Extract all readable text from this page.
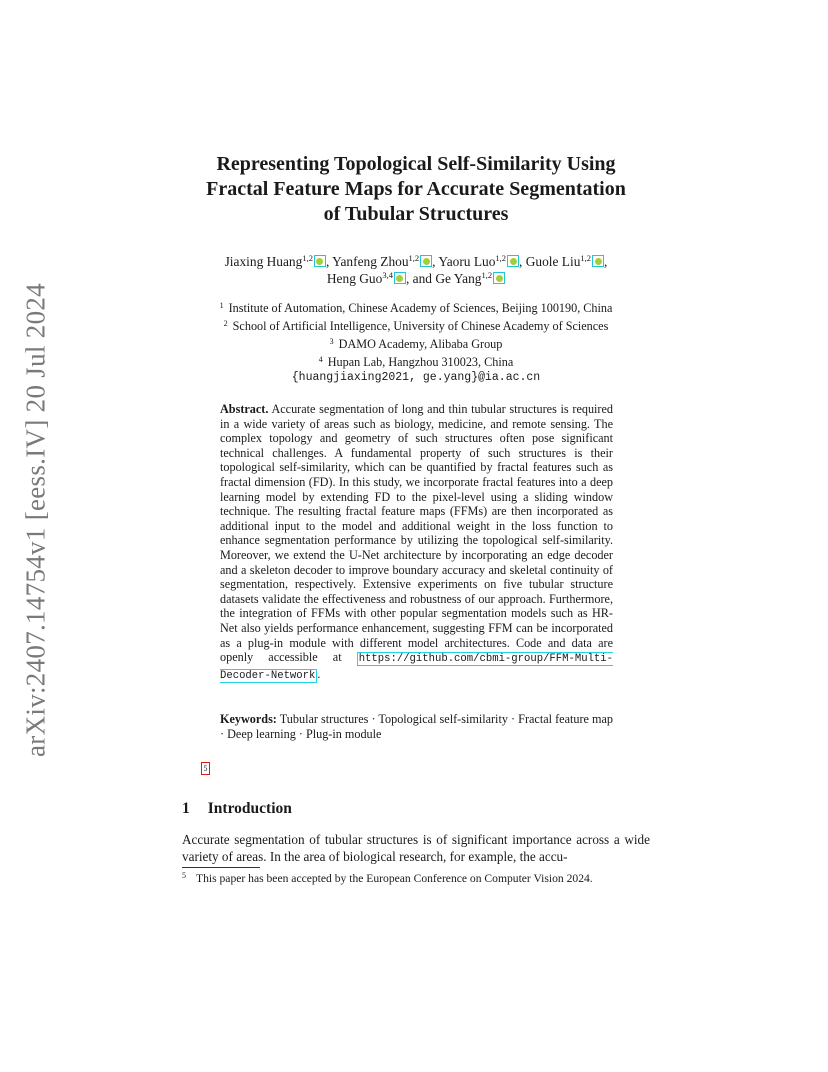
arXiv:2407.14754v1 [eess.IV] 20 Jul 2024
Representing Topological Self-Similarity Using
Fractal Feature Maps for Accurate Segmentation
of Tubular Structures
Jiaxing Huang$^{1,2}$ , Yanfeng Zhou$^{1,2}$ , Yaoru Luo$^{1,2}$ , Guole Liu$^{1,2}$ ,
Heng Guo$^{3,4}$ , and Ge Yang$^{1,2}$
$^1$ Institute of Automation, Chinese Academy of Sciences, Beijing 100190, China
$^2$ School of Artificial Intelligence, University of Chinese Academy of Sciences
$^3$ DAMO Academy, Alibaba Group
$^4$ Hupan Lab, Hangzhou 310023, China
{huangjiaxing2021, ge.yang}@ia.ac.cn
Abstract. Accurate segmentation of long and thin tubular structures is required in a wide variety of areas such as biology, medicine, and remote sensing. The complex topology and geometry of such structures often pose significant technical challenges. A fundamental property of such structures is their topological self-similarity, which can be quantified by fractal features such as fractal dimension (FD). In this study, we incorporate fractal features into a deep learning model by extending FD to the pixel-level using a sliding window technique. The resulting fractal feature maps (FFMs) are then incorporated as additional input to the model and additional weight in the loss function to enhance segmentation performance by utilizing the topological self-similarity. Moreover, we extend the U-Net architecture by incorporating an edge decoder and a skeleton decoder to improve boundary accuracy and skeletal continuity of segmentation, respectively. Extensive experiments on five tubular structure datasets validate the effectiveness and robustness of our approach. Furthermore, the integration of FFMs with other popular segmentation models such as HR-Net also yields performance enhancement, suggesting FFM can be incorporated as a plug-in module with different model architectures. Code and data are openly accessible at https://github.com/cbmi-group/FFM-Multi-Decoder-Network .
Keywords: Tubular structures · Topological self-similarity · Fractal feature map · Deep learning · Plug-in module
5
1 Introduction
Accurate segmentation of tubular structures is of significant importance across a wide variety of areas. In the area of biological research, for example, the accu-
5 This paper has been accepted by the European Conference on Computer Vision 2024.
